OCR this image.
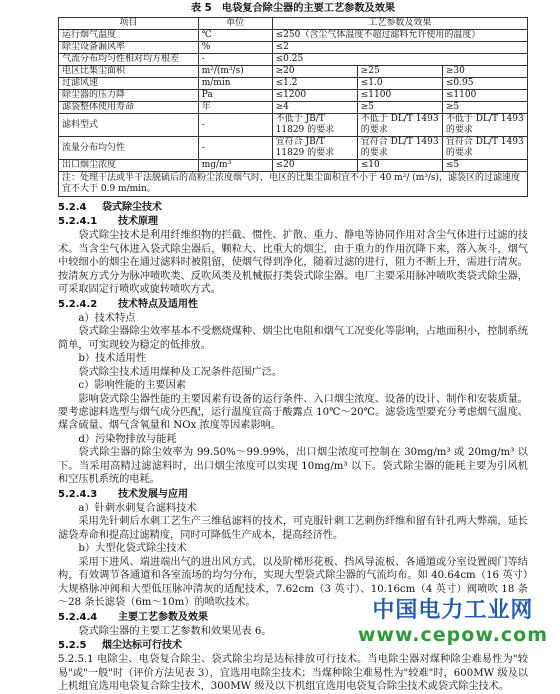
表 5　电袋复合除尘器的主要工艺参数及效果
项目	单位	工艺参数及效果		
运行烟气温度	℃	≤250（含尘气体温度不超过滤料允许使用的温度）		
除尘设备漏风率	%	≤2		
气流分布均匀性相对均方根差	-	≤0.25		
电区比集尘面积	m²/(m³/s)	≥20	≥25	≥30
过滤风速	m/min	≤1.2	≤1.0	≤0.95
除尘器的压力降	Pa	≤1200	≤1100	≤1100
滤袋整体使用寿命	年	≥4	≥5	≥5
滤料型式	-	不低于 JB/T 11829 的要求	不低于 DL/T 1493 的要求	不低于 DL/T 1493 的要求
流量分布均匀性	-	宜符合 JB/T 11829 的要求	宜符合 DL/T 1493 的要求	宜符合 DL/T 1493 的要求
出口烟尘浓度	mg/m³	≤20	≤10	≤5
注：处理干法或半干法脱硫后的高粉尘浓度烟气时，电区的比集尘面积宜不小于 40 m²/ (m³/s)，滤袋区的过滤速度宜不大于 0.9 m/min。
5.2.4 袋式除尘技术
5.2.4.1 技术原理

袋式除尘技术是利用纤维织物的拦截、惯性、扩散、重力、静电等协同作用对含尘气体进行过滤的技术。当含尘气体进入袋式除尘器后，颗粒大、比重大的烟尘，由于重力的作用沉降下来，落入灰斗，烟气中较细小的烟尘在通过滤料时被阻留，使烟气得到净化，随着过滤的进行，阻力不断上升，需进行清灰。按清灰方式分为脉冲喷吹类、反吹风类及机械振打类袋式除尘器。电厂主要采用脉冲喷吹类袋式除尘器，可采取固定行喷吹或旋转喷吹方式。

5.2.4.2 技术特点及适用性
a）技术特点

袋式除尘器除尘效率基本不受燃烧煤种、烟尘比电阻和烟气工况变化等影响，占地面积小，控制系统简单，可实现较为稳定的低排放。

b）技术适用性

袋式除尘技术适用煤种及工况条件范围广泛。

c）影响性能的主要因素

影响袋式除尘器性能的主要因素有设备的运行条件、入口烟尘浓度、设备的设计、制作和安装质量。要考虑滤料选型与烟气成分匹配，运行温度宜高于酸露点 10℃～20℃。滤袋选型要充分考虑烟气温度、煤含硫量、烟气含氧量和 NOx 浓度等因素影响。

d）污染物排放与能耗

袋式除尘器的除尘效率为 99.50%～99.99%，出口烟尘浓度可控制在 30mg/m³ 或 20mg/m³ 以下。当采用高精过滤滤料时，出口烟尘浓度可以实现 10mg/m³ 以下。袋式除尘器的能耗主要为引风机和空压机系统的电耗。

5.2.4.3 技术发展与应用
a）针刺水刺复合滤料技术

采用先针刺后水刺工艺生产三维毡滤料的技术，可克服针刺工艺刺伤纤维和留有针孔两大弊端，延长滤袋寿命和提高过滤精度，同时可降低生产成本，提高经济性。

b）大型化袋式除尘技术

采用下进风、端进端出气的进出风方式，以及阶梯形花板、挡风导流板、各通道或分室设置阀门等结构，有效调节各通道和各室流场的均匀分布，实现大型袋式除尘器的气流均布。如 40.64cm（16 英寸）大规格脉冲阀和大型低压脉冲清灰的适配技术，7.62cm（3 英寸）、10.16cm（4 英寸）阀喷吹 18 条～28 条长滤袋（6m～10m）的喷吹技术。

5.2.4.4 主要工艺参数及效果

袋式除尘器的主要工艺参数和效果见表 6。

5.2.5 烟尘达标可行技术

5.2.5.1 电除尘、电袋复合除尘、袋式除尘均是达标排放可行技术。当电除尘器对煤种除尘难易性为"较易"或"一般"时（评价方法见表 3），宜选用电除尘技术；当煤种除尘难易性为"较难"时，600MW 级及以上机组宜选用电袋复合除尘技术，300MW 级及以下机组宜选用电袋复合除尘技术或袋式除尘技术。

中国电力工业网
www.cepow.com
